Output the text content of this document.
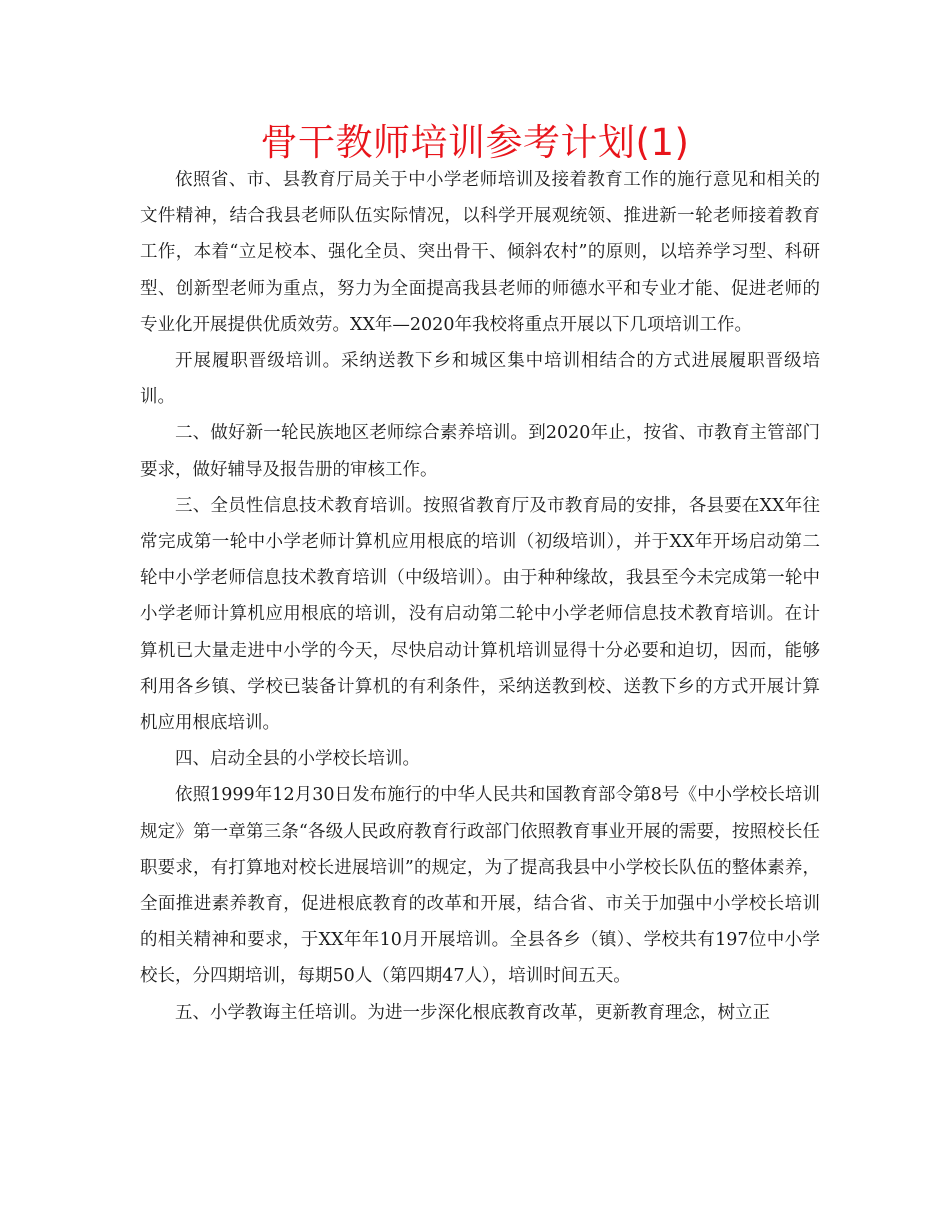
骨干教师培训参考计划(1)

依照省、市、县教育厅局关于中小学老师培训及接着教育工作的施行意见和相关的文件精神，结合我县老师队伍实际情况，以科学开展观统领、推进新一轮老师接着教育工作，本着“立足校本、强化全员、突出骨干、倾斜农村”的原则，以培养学习型、科研型、创新型老师为重点，努力为全面提高我县老师的师德水平和专业才能、促进老师的专业化开展提供优质效劳。XX年—2020年我校将重点开展以下几项培训工作。

开展履职晋级培训。采纳送教下乡和城区集中培训相结合的方式进展履职晋级培训。

二、做好新一轮民族地区老师综合素养培训。到2020年止，按省、市教育主管部门要求，做好辅导及报告册的审核工作。

三、全员性信息技术教育培训。按照省教育厅及市教育局的安排，各县要在XX年往常完成第一轮中小学老师计算机应用根底的培训（初级培训），并于XX年开场启动第二轮中小学老师信息技术教育培训（中级培训）。由于种种缘故，我县至今未完成第一轮中小学老师计算机应用根底的培训，没有启动第二轮中小学老师信息技术教育培训。在计算机已大量走进中小学的今天，尽快启动计算机培训显得十分必要和迫切，因而，能够利用各乡镇、学校已装备计算机的有利条件，采纳送教到校、送教下乡的方式开展计算机应用根底培训。

四、启动全县的小学校长培训。

依照1999年12月30日发布施行的中华人民共和国教育部令第8号《中小学校长培训规定》第一章第三条“各级人民政府教育行政部门依照教育事业开展的需要，按照校长任职要求，有打算地对校长进展培训”的规定，为了提高我县中小学校长队伍的整体素养，全面推进素养教育，促进根底教育的改革和开展，结合省、市关于加强中小学校长培训的相关精神和要求，于XX年年10月开展培训。全县各乡（镇）、学校共有197位中小学校长，分四期培训，每期50人（第四期47人），培训时间五天。

五、小学教诲主任培训。为进一步深化根底教育改革，更新教育理念，树立正
